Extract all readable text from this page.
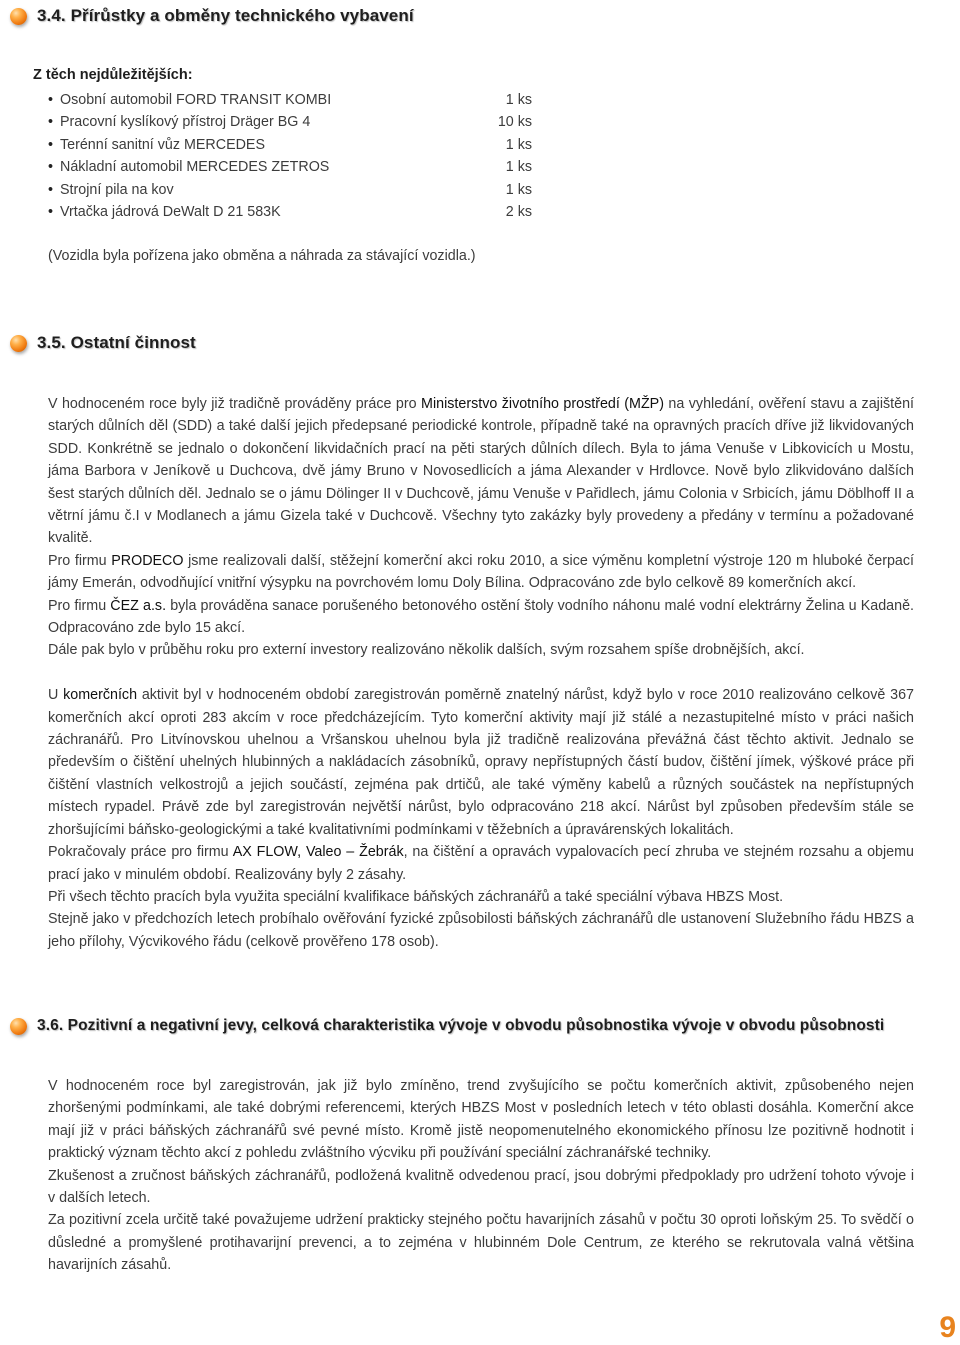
3.4. Přírůstky a obměny technického vybavení
Z těch nejdůležitějších:
• Osobní automobil FORD TRANSIT KOMBI	1 ks
• Pracovní kyslíkový přístroj Dräger BG 4	10 ks
• Terénní sanitní vůz MERCEDES	1 ks
• Nákladní automobil MERCEDES ZETROS	1 ks
• Strojní pila na kov	1 ks
• Vrtačka jádrová DeWalt D 21 583K	2 ks
(Vozidla byla pořízena jako obměna a náhrada za stávající vozidla.)
3.5. Ostatní činnost

V hodnoceném roce byly již tradičně prováděny práce pro Ministerstvo životního prostředí (MŽP) na vyhledání, ověření stavu a zajištění starých důlních děl (SDD) a také další jejich předepsané periodické kontrole, případně také na opravných pracích dříve již likvidovaných SDD. Konkrétně se jednalo o dokončení likvidačních prací na pěti starých důlních dílech. Byla to jáma Venuše v Libkovicích u Mostu, jáma Barbora v Jeníkově u Duchcova, dvě jámy Bruno v Novosedlicích a jáma Alexander v Hrdlovce. Nově bylo zlikvidováno dalších šest starých důlních děl. Jednalo se o jámu Dölinger II v Duchcově, jámu Venuše v Pařidlech, jámu Colonia v Srbicích, jámu Döblhoff II a větrní jámu č.I v Modlanech a jámu Gizela také v Duchcově. Všechny tyto zakázky byly provedeny a předány v termínu a požadované kvalitě.

Pro firmu PRODECO jsme realizovali další, stěžejní komerční akci roku 2010, a sice výměnu kompletní výstroje 120 m hluboké čerpací jámy Emerán, odvodňující vnitřní výsypku na povrchovém lomu Doly Bílina. Odpracováno zde bylo celkově 89 komerčních akcí.

Pro firmu ČEZ a.s. byla prováděna sanace porušeného betonového ostění štoly vodního náhonu malé vodní elektrárny Želina u Kadaně. Odpracováno zde bylo 15 akcí.

Dále pak bylo v průběhu roku pro externí investory realizováno několik dalších, svým rozsahem spíše drobnějších, akcí.

U komerčních aktivit byl v hodnoceném období zaregistrován poměrně znatelný nárůst, když bylo v roce 2010 realizováno celkově 367 komerčních akcí oproti 283 akcím v roce předcházejícím. Tyto komerční aktivity mají již stálé a nezastupitelné místo v práci našich záchranářů. Pro Litvínovskou uhelnou a Vršanskou uhelnou byla již tradičně realizována převážná část těchto aktivit. Jednalo se především o čištění uhelných hlubinných a nakládacích zásobníků, opravy nepřístupných částí budov, čištění jímek, výškové práce při čištění vlastních velkostrojů a jejich součástí, zejména pak drtičů, ale také výměny kabelů a různých součástek na nepřístupných místech rypadel. Právě zde byl zaregistrován největší nárůst, bylo odpracováno 218 akcí. Nárůst byl způsoben především stále se zhoršujícími báňsko-geologickými a také kvalitativními podmínkami v těžebních a úpravárenských lokalitách.

Pokračovaly práce pro firmu AX FLOW, Valeo – Žebrák, na čištění a opravách vypalovacích pecí zhruba ve stejném rozsahu a objemu prací jako v minulém období. Realizovány byly 2 zásahy.

Při všech těchto pracích byla využita speciální kvalifikace báňských záchranářů a také speciální výbava HBZS Most.

Stejně jako v předchozích letech probíhalo ověřování fyzické způsobilosti báňských záchranářů dle ustanovení Služebního řádu HBZS a jeho přílohy, Výcvikového řádu (celkově prověřeno 178 osob).

3.6. Pozitivní a negativní jevy, celková charakteristika vývoje v obvodu působnostika vývoje v obvodu působnosti

V hodnoceném roce byl zaregistrován, jak již bylo zmíněno, trend zvyšujícího se počtu komerčních aktivit, způsobeného nejen zhoršenými podmínkami, ale také dobrými referencemi, kterých HBZS Most v posledních letech v této oblasti dosáhla. Komerční akce mají již v práci báňských záchranářů své pevné místo. Kromě jistě neopomenutelného ekonomického přínosu lze pozitivně hodnotit i praktický význam těchto akcí z pohledu zvláštního výcviku při používání speciální záchranářské techniky.

Zkušenost a zručnost báňských záchranářů, podložená kvalitně odvedenou prací, jsou dobrými předpoklady pro udržení tohoto vývoje i v dalších letech.

Za pozitivní zcela určitě také považujeme udržení prakticky stejného počtu havarijních zásahů v počtu 30 oproti loňským 25. To svědčí o důsledné a promyšlené protihavarijní prevenci, a to zejména v hlubinném Dole Centrum, ze kterého se rekrutovala valná většina havarijních zásahů.

9
